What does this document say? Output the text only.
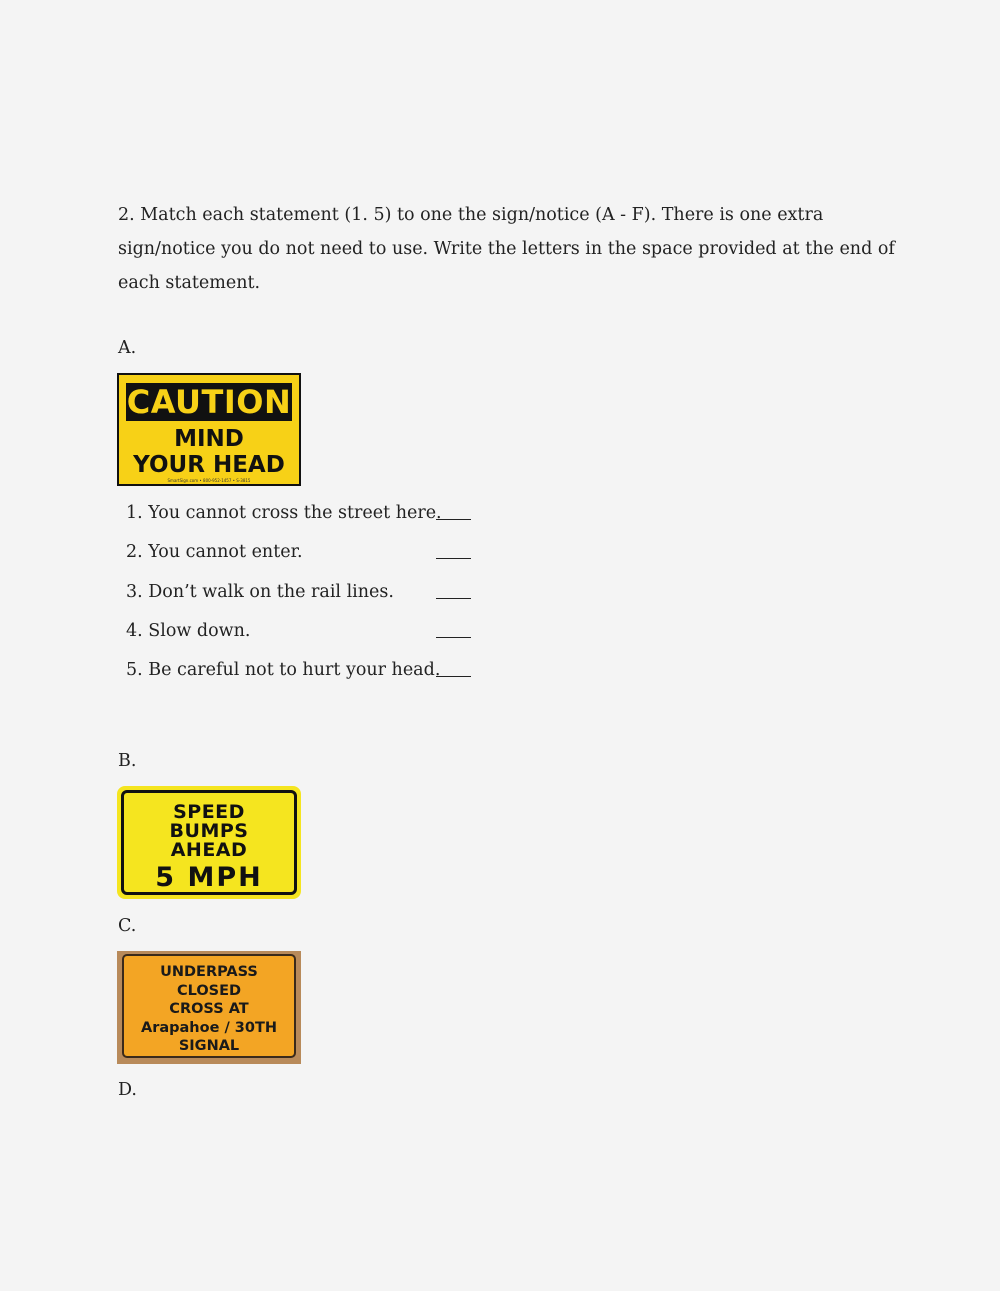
2. Match each statement (1. 5) to one the sign/notice (A - F). There is one extra sign/notice you do not need to use. Write the letters in the space provided at the end of each statement.

A.

CAUTION
MIND
YOUR HEAD
SmartSign.com • 800-952-1457 • S-3815
1. You cannot cross the street here.
2. You cannot enter.
3. Don’t walk on the rail lines.
4. Slow down.
5. Be careful not to hurt your head.

B.

SPEED
BUMPS
AHEAD
5 MPH

C.

UNDERPASS
CLOSED
CROSS AT
Arapahoe / 30TH
SIGNAL

D.
